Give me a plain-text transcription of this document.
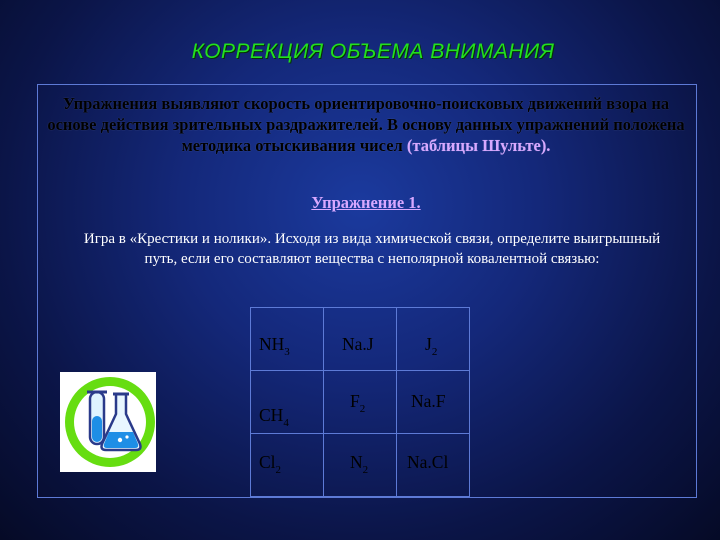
КОРРЕКЦИЯ ОБЪЕМА ВНИМАНИЯ
Упражнения выявляют скорость ориентировочно-поисковых движений взора на основе действия зрительных раздражителей. В основу данных упражнений положена методика отыскивания чисел (таблицы Шульте).
Упражнение 1.
Игра в «Крестики и нолики». Исходя из вида химической связи, определите выигрышный путь, если его составляют вещества с неполярной ковалентной связью:
$NH_3$	Na.J	$J_2$

$CH_4$	$F_2$	Na.F

$Cl_2$	$N_2$	Na.Cl
